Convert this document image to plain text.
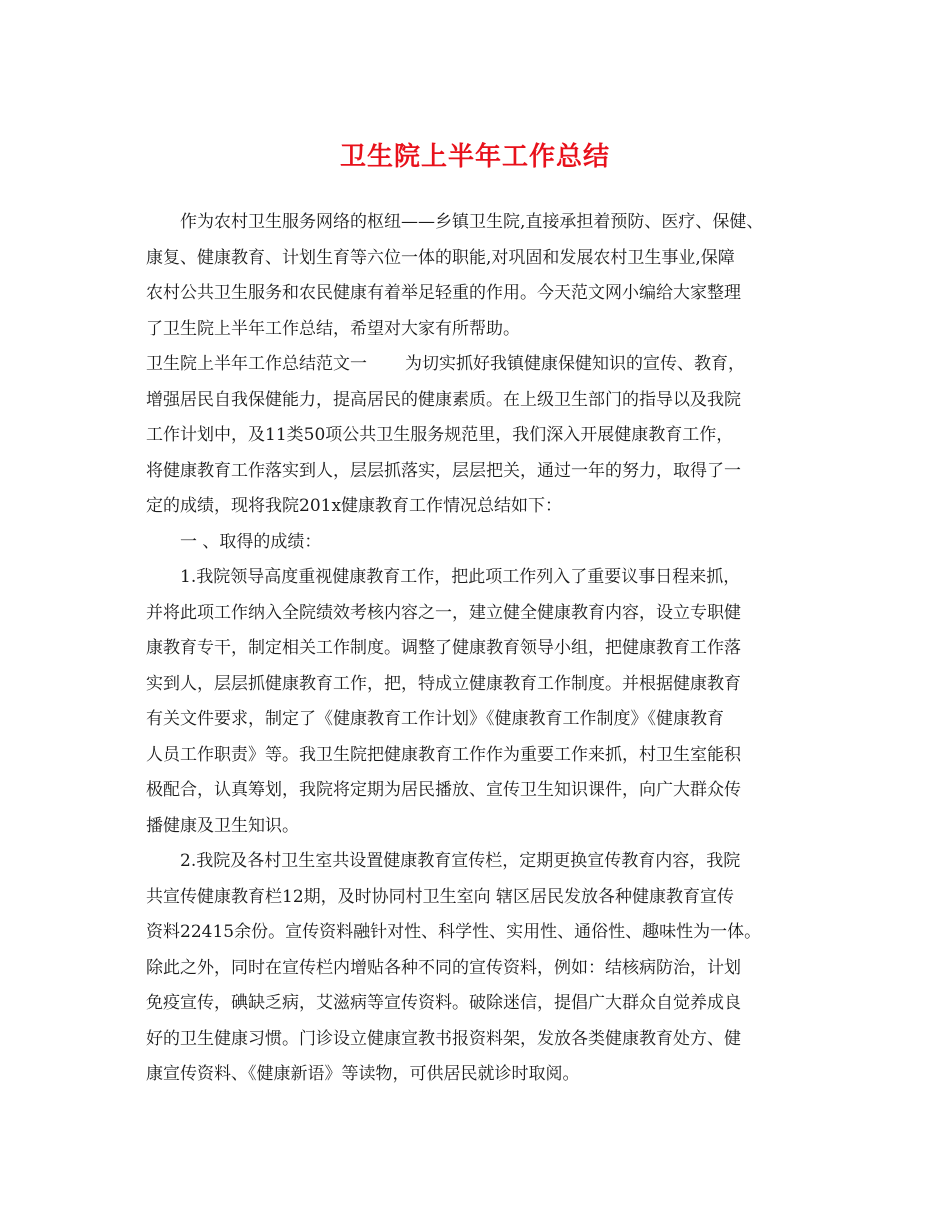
卫生院上半年工作总结
作为农村卫生服务网络的枢纽——乡镇卫生院,直接承担着预防、医疗、保健、
康复、健康教育、计划生育等六位一体的职能,对巩固和发展农村卫生事业,保障
农村公共卫生服务和农民健康有着举足轻重的作用。今天范文网小编给大家整理
了卫生院上半年工作总结，希望对大家有所帮助。
卫生院上半年工作总结范文一 为切实抓好我镇健康保健知识的宣传、教育，
增强居民自我保健能力，提高居民的健康素质。在上级卫生部门的指导以及我院
工作计划中，及11类50项公共卫生服务规范里，我们深入开展健康教育工作，
将健康教育工作落实到人，层层抓落实，层层把关，通过一年的努力，取得了一
定的成绩，现将我院201x健康教育工作情况总结如下：
一 、取得的成绩：
1.我院领导高度重视健康教育工作，把此项工作列入了重要议事日程来抓，
并将此项工作纳入全院绩效考核内容之一，建立健全健康教育内容，设立专职健
康教育专干，制定相关工作制度。调整了健康教育领导小组，把健康教育工作落
实到人，层层抓健康教育工作，把，特成立健康教育工作制度。并根据健康教育
有关文件要求，制定了《健康教育工作计划》《健康教育工作制度》《健康教育
人员工作职责》等。我卫生院把健康教育工作作为重要工作来抓，村卫生室能积
极配合，认真筹划，我院将定期为居民播放、宣传卫生知识课件，向广大群众传
播健康及卫生知识。
2.我院及各村卫生室共设置健康教育宣传栏，定期更换宣传教育内容，我院
共宣传健康教育栏12期，及时协同村卫生室向 辖区居民发放各种健康教育宣传
资料22415余份。宣传资料融针对性、科学性、实用性、通俗性、趣味性为一体。
除此之外，同时在宣传栏内增贴各种不同的宣传资料，例如：结核病防治，计划
免疫宣传，碘缺乏病，艾滋病等宣传资料。破除迷信，提倡广大群众自觉养成良
好的卫生健康习惯。门诊设立健康宣教书报资料架，发放各类健康教育处方、健
康宣传资料、《健康新语》等读物，可供居民就诊时取阅。
